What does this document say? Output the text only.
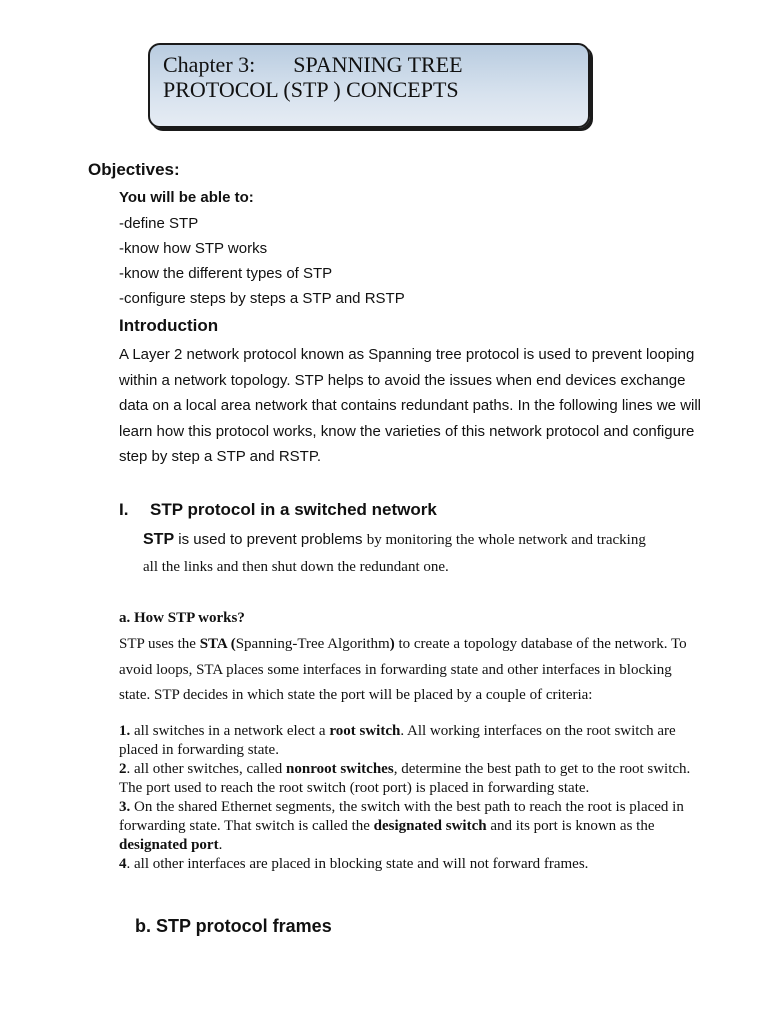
Chapter 3: SPANNING TREE
PROTOCOL (STP ) CONCEPTS
Objectives:
You will be able to:
-define STP
-know how STP works
-know the different types of STP
-configure steps by steps a STP and RSTP
Introduction
A Layer 2 network protocol known as Spanning tree protocol is used to prevent looping within a network topology. STP helps to avoid the issues when end devices exchange data on a local area network that contains redundant paths. In the following lines we will learn how this protocol works, know the varieties of this network protocol and configure step by step a STP and RSTP.
I. STP protocol in a switched network
STP is used to prevent problems by monitoring the whole network and tracking
all the links and then shut down the redundant one.
a. How STP works?
STP uses the STA (Spanning-Tree Algorithm) to create a topology database of the network. To avoid loops, STA places some interfaces in forwarding state and other interfaces in blocking state. STP decides in which state the port will be placed by a couple of criteria:
1. all switches in a network elect a root switch. All working interfaces on the root switch are placed in forwarding state.
2. all other switches, called nonroot switches, determine the best path to get to the root switch. The port used to reach the root switch (root port) is placed in forwarding state.
3. On the shared Ethernet segments, the switch with the best path to reach the root is placed in forwarding state. That switch is called the designated switch and its port is known as the designated port.
4. all other interfaces are placed in blocking state and will not forward frames.
b. STP protocol frames
